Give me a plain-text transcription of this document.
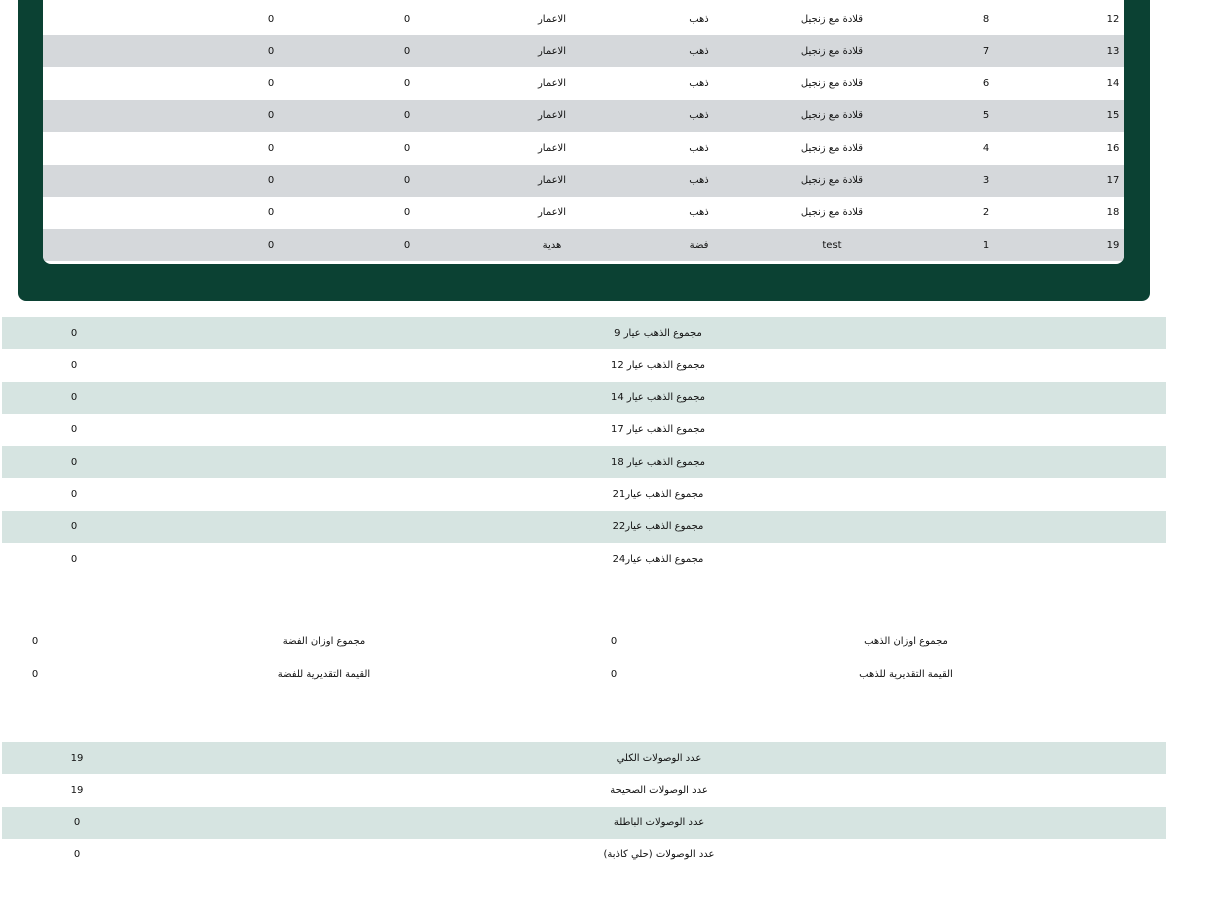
12
8
قلادة مع زنجيل
ذهب
الاعمار
0
0
13
7
قلادة مع زنجيل
ذهب
الاعمار
0
0
14
6
قلادة مع زنجيل
ذهب
الاعمار
0
0
15
5
قلادة مع زنجيل
ذهب
الاعمار
0
0
16
4
قلادة مع زنجيل
ذهب
الاعمار
0
0
17
3
قلادة مع زنجيل
ذهب
الاعمار
0
0
18
2
قلادة مع زنجيل
ذهب
الاعمار
0
0
19
1
test
فضة
هدية
0
0
مجموع الذهب عيار 9
0
مجموع الذهب عيار 12
0
مجموع الذهب عيار 14
0
مجموع الذهب عيار 17
0
مجموع الذهب عيار 18
0
مجموع الذهب عيار21
0
مجموع الذهب عيار22
0
مجموع الذهب عيار24
0
مجموع اوزان الذهب
0
مجموع اوزان الفضة
0
القيمة التقديرية للذهب
0
القيمة التقديرية للفضة
0
عدد الوصولات الكلي
19
عدد الوصولات الصحيحة
19
عدد الوصولات الباطلة
0
عدد الوصولات (حلي كاذبة)
0
